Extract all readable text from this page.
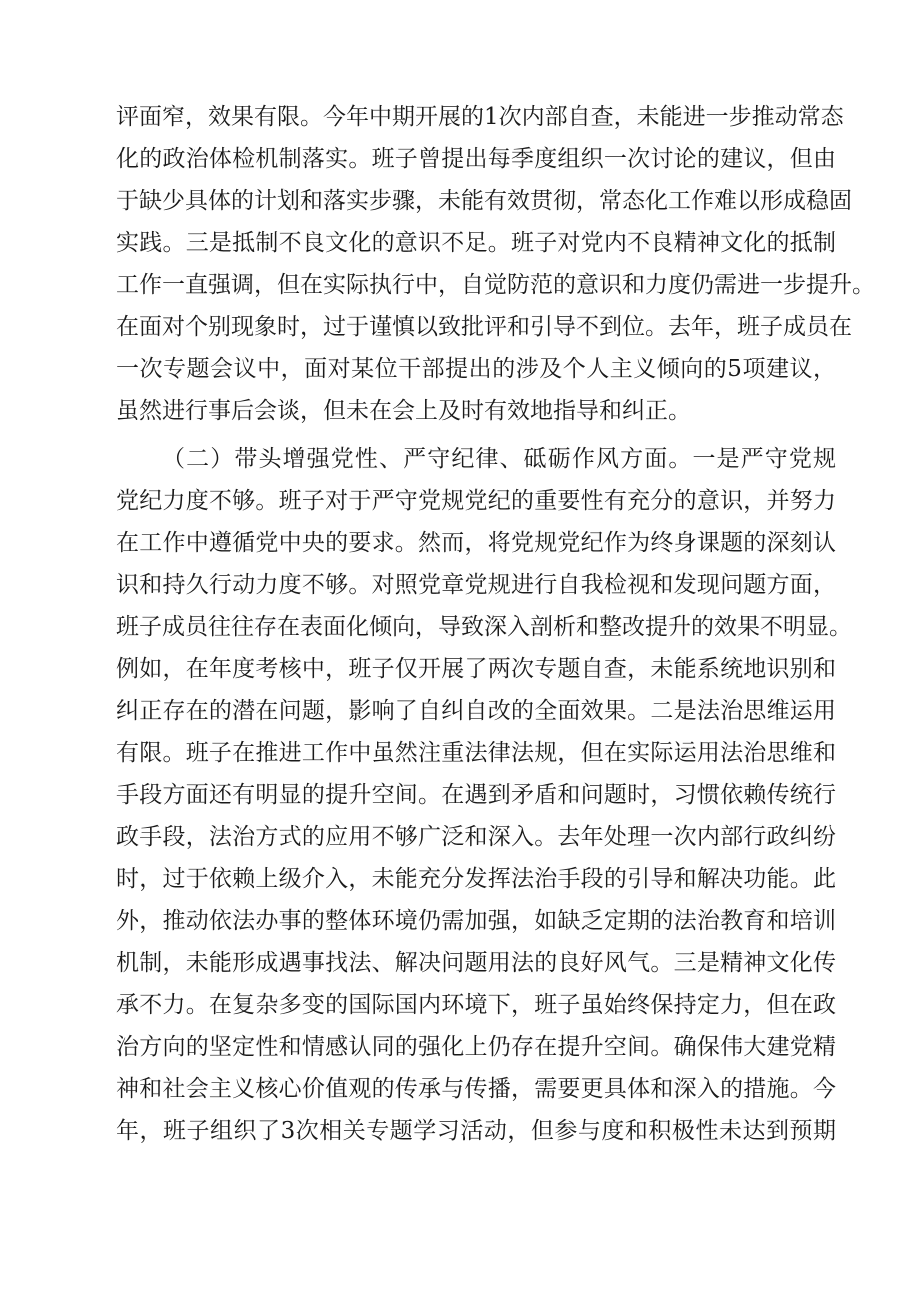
评面窄，效果有限。今年中期开展的1次内部自查，未能进一步推动常态
化的政治体检机制落实。班子曾提出每季度组织一次讨论的建议，但由
于缺少具体的计划和落实步骤，未能有效贯彻，常态化工作难以形成稳固
实践。三是抵制不良文化的意识不足。班子对党内不良精神文化的抵制
工作一直强调，但在实际执行中，自觉防范的意识和力度仍需进一步提升。
在面对个别现象时，过于谨慎以致批评和引导不到位。去年，班子成员在
一次专题会议中，面对某位干部提出的涉及个人主义倾向的5项建议，
虽然进行事后会谈，但未在会上及时有效地指导和纠正。
（二）带头增强党性、严守纪律、砥砺作风方面。一是严守党规
党纪力度不够。班子对于严守党规党纪的重要性有充分的意识，并努力
在工作中遵循党中央的要求。然而，将党规党纪作为终身课题的深刻认
识和持久行动力度不够。对照党章党规进行自我检视和发现问题方面，
班子成员往往存在表面化倾向，导致深入剖析和整改提升的效果不明显。
例如，在年度考核中，班子仅开展了两次专题自查，未能系统地识别和
纠正存在的潜在问题，影响了自纠自改的全面效果。二是法治思维运用
有限。班子在推进工作中虽然注重法律法规，但在实际运用法治思维和
手段方面还有明显的提升空间。在遇到矛盾和问题时，习惯依赖传统行
政手段，法治方式的应用不够广泛和深入。去年处理一次内部行政纠纷
时，过于依赖上级介入，未能充分发挥法治手段的引导和解决功能。此
外，推动依法办事的整体环境仍需加强，如缺乏定期的法治教育和培训
机制，未能形成遇事找法、解决问题用法的良好风气。三是精神文化传
承不力。在复杂多变的国际国内环境下，班子虽始终保持定力，但在政
治方向的坚定性和情感认同的强化上仍存在提升空间。确保伟大建党精
神和社会主义核心价值观的传承与传播，需要更具体和深入的措施。今
年，班子组织了3次相关专题学习活动，但参与度和积极性未达到预期
